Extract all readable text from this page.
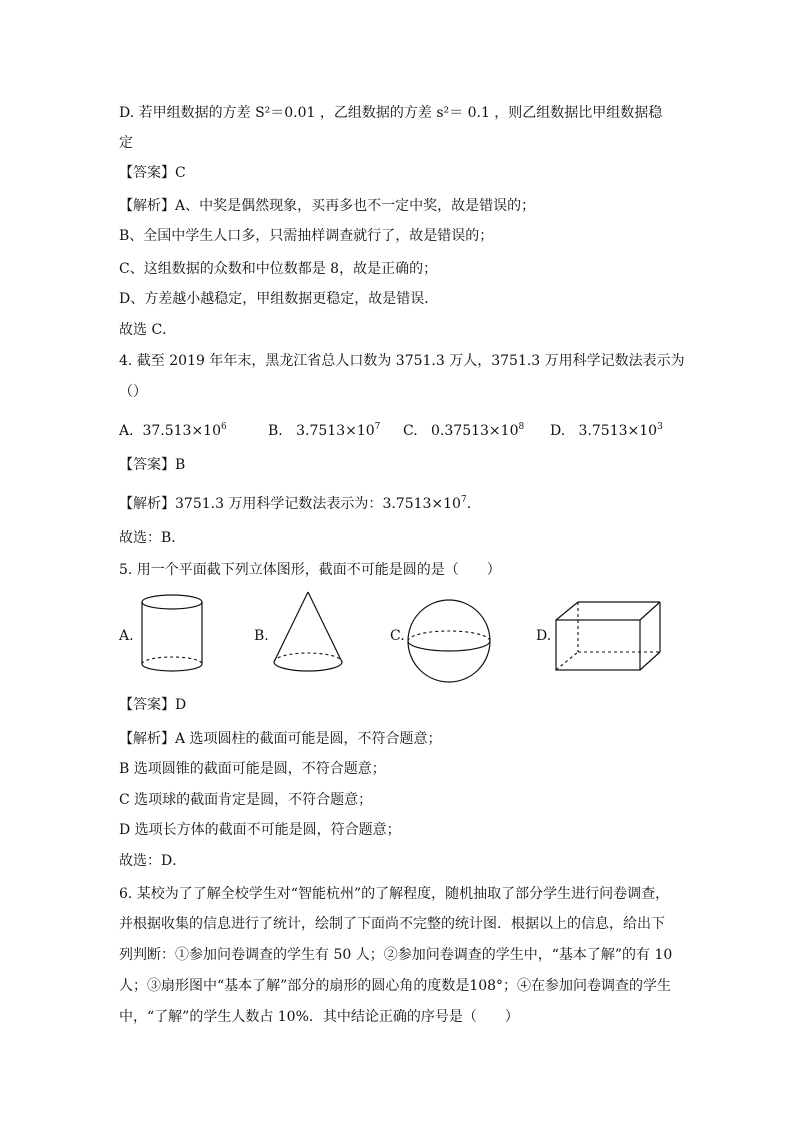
D. 若甲组数据的方差 S²＝0.01 ，乙组数据的方差 s²＝ 0.1 ，则乙组数据比甲组数据稳
定
【答案】C
【解析】A、中奖是偶然现象，买再多也不一定中奖，故是错误的；
B、全国中学生人口多，只需抽样调查就行了，故是错误的；
C、这组数据的众数和中位数都是 8，故是正确的；
D、方差越小越稳定，甲组数据更稳定，故是错误．
故选 C．
4. 截至 2019 年年末，黑龙江省总人口数为 3751.3 万人，3751.3 万用科学记数法表示为
（）
A. $37.513\times 10^6$	B. $3.7513\times 10^7$ C. $0.37513\times 10^8$ D. $3.7513\times 10^3$
【答案】B
【解析】3751.3 万用科学记数法表示为：$3.7513\times 10^7$．
故选：B．
5. 用一个平面截下列立体图形，截面不可能是圆的是（　　）
A.	B.	C.	D.
【答案】D
【解析】A 选项圆柱的截面可能是圆，不符合题意；
B 选项圆锥的截面可能是圆，不符合题意；
C 选项球的截面肯定是圆，不符合题意；
D 选项长方体的截面不可能是圆，符合题意；
故选：D．
6. 某校为了了解全校学生对“智能杭州”的了解程度，随机抽取了部分学生进行问卷调查，
并根据收集的信息进行了统计，绘制了下面尚不完整的统计图．根据以上的信息，给出下
列判断：①参加问卷调查的学生有 50 人；②参加问卷调查的学生中，“基本了解”的有 10
人；③扇形图中“基本了解”部分的扇形的圆心角的度数是108°；④在参加问卷调查的学生
中，“了解”的学生人数占 10%．其中结论正确的序号是（　　）
